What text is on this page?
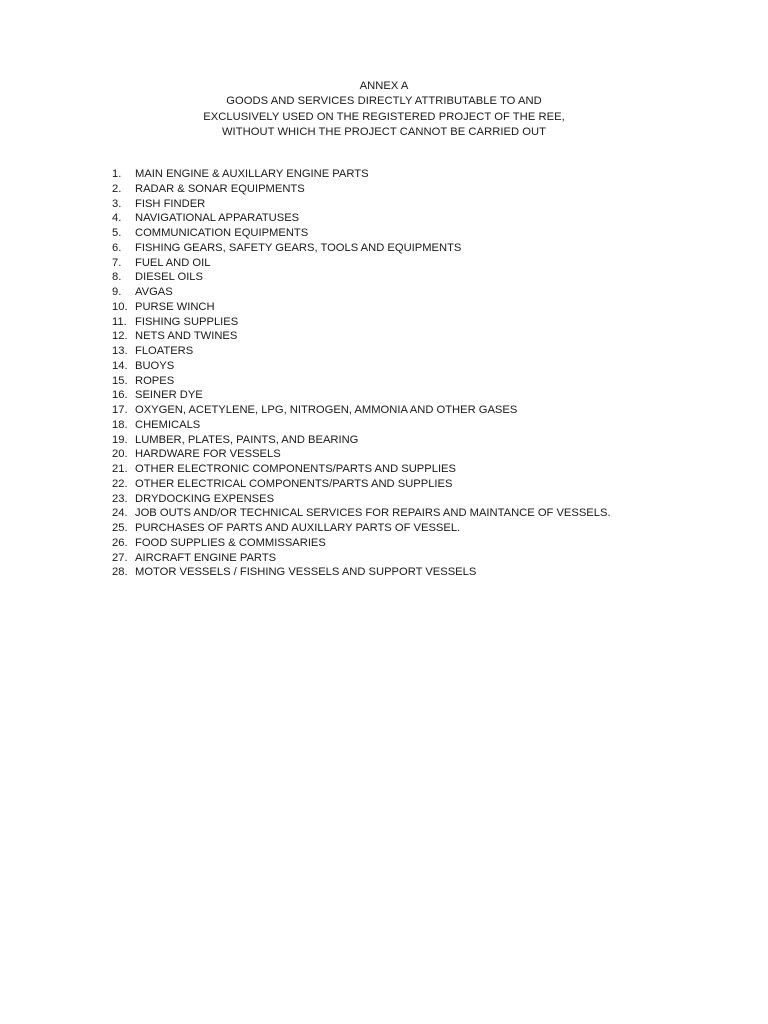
ANNEX A
GOODS AND SERVICES DIRECTLY ATTRIBUTABLE TO AND
EXCLUSIVELY USED ON THE REGISTERED PROJECT OF THE REE,
WITHOUT WHICH THE PROJECT CANNOT BE CARRIED OUT
1.	MAIN ENGINE & AUXILLARY ENGINE PARTS
2.	RADAR & SONAR EQUIPMENTS
3.	FISH FINDER
4.	NAVIGATIONAL APPARATUSES
5.	COMMUNICATION EQUIPMENTS
6.	FISHING GEARS, SAFETY GEARS, TOOLS AND EQUIPMENTS
7.	FUEL AND OIL
8.	DIESEL OILS
9.	AVGAS
10. PURSE WINCH
11. FISHING SUPPLIES
12. NETS AND TWINES
13. FLOATERS
14. BUOYS
15. ROPES
16. SEINER DYE
17. OXYGEN, ACETYLENE, LPG, NITROGEN, AMMONIA AND OTHER GASES
18. CHEMICALS
19. LUMBER, PLATES, PAINTS, AND BEARING
20. HARDWARE FOR VESSELS
21. OTHER ELECTRONIC COMPONENTS/PARTS AND SUPPLIES
22. OTHER ELECTRICAL COMPONENTS/PARTS AND SUPPLIES
23. DRYDOCKING EXPENSES
24. JOB OUTS AND/OR TECHNICAL SERVICES FOR REPAIRS AND MAINTANCE OF VESSELS.
25. PURCHASES OF PARTS AND AUXILLARY PARTS OF VESSEL.
26. FOOD SUPPLIES & COMMISSARIES
27. AIRCRAFT ENGINE PARTS
28. MOTOR VESSELS / FISHING VESSELS AND SUPPORT VESSELS
